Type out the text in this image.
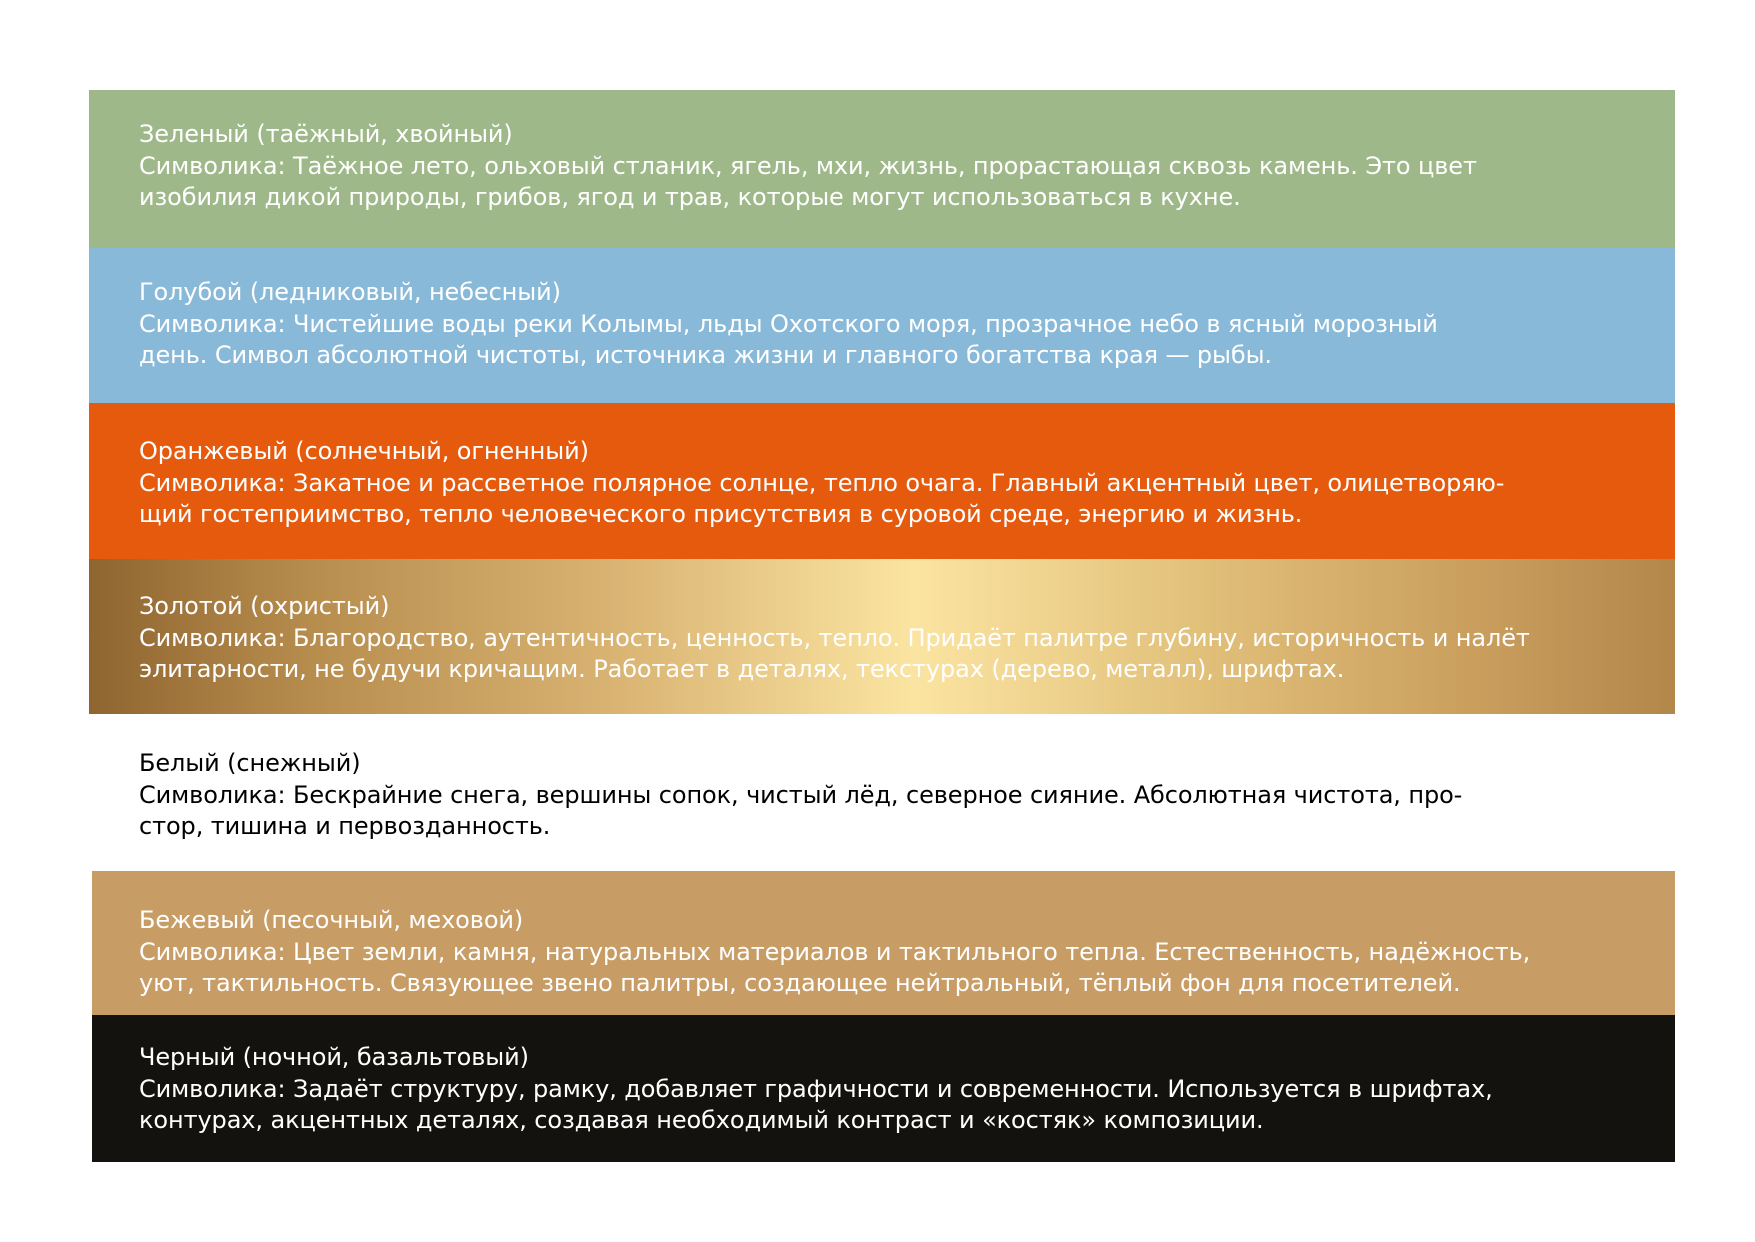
Зеленый (таёжный, хвойный)
Символика: Таёжное лето, ольховый стланик, ягель, мхи, жизнь, прорастающая сквозь камень. Это цвет
изобилия дикой природы, грибов, ягод и трав, которые могут использоваться в кухне.
Голубой (ледниковый, небесный)
Символика: Чистейшие воды реки Колымы, льды Охотского моря, прозрачное небо в ясный морозный
день. Символ абсолютной чистоты, источника жизни и главного богатства края — рыбы.
Оранжевый (солнечный, огненный)
Символика: Закатное и рассветное полярное солнце, тепло очага. Главный акцентный цвет, олицетворяю-
щий гостеприимство, тепло человеческого присутствия в суровой среде, энергию и жизнь.
Золотой (охристый)
Символика: Благородство, аутентичность, ценность, тепло. Придаёт палитре глубину, историчность и налёт
элитарности, не будучи кричащим. Работает в деталях, текстурах (дерево, металл), шрифтах.
Белый (снежный)
Символика: Бескрайние снега, вершины сопок, чистый лёд, северное сияние. Абсолютная чистота, про-
стор, тишина и первозданность.
Бежевый (песочный, меховой)
Символика: Цвет земли, камня, натуральных материалов и тактильного тепла. Естественность, надёжность,
уют, тактильность. Связующее звено палитры, создающее нейтральный, тёплый фон для посетителей.
Черный (ночной, базальтовый)
Символика: Задаёт структуру, рамку, добавляет графичности и современности. Используется в шрифтах,
контурах, акцентных деталях, создавая необходимый контраст и «костяк» композиции.
